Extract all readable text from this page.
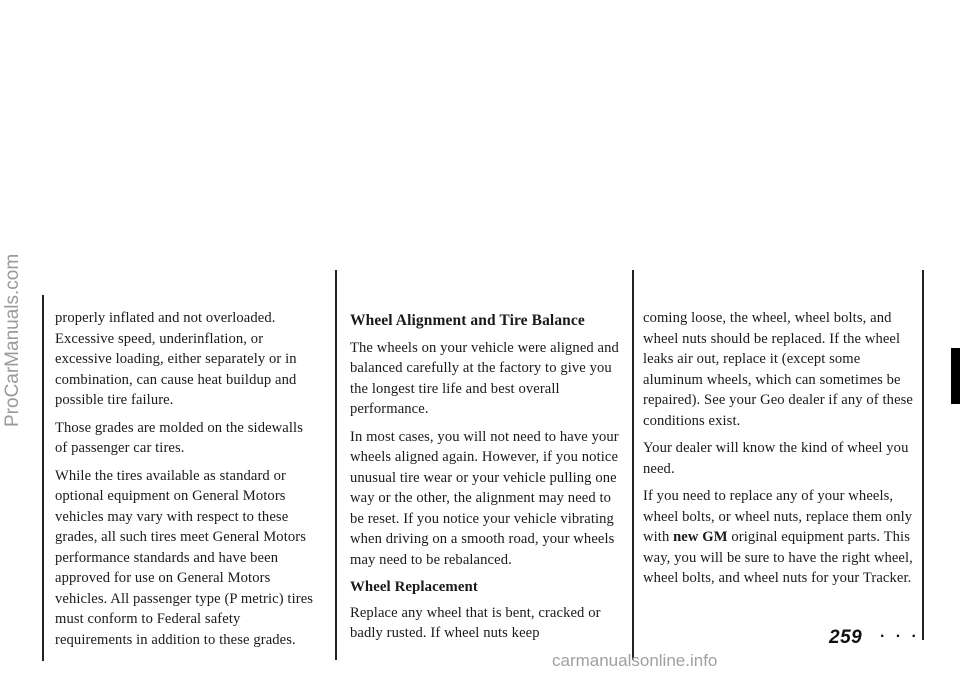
ProCarManuals.com properly inflated and not overloaded. Excessive speed, underinflation, or excessive loading, either separately or in combination, can cause heat buildup and possible tire failure.

Those grades are molded on the sidewalls of passenger car tires.

While the tires available as standard or optional equipment on General Motors vehicles may vary with respect to these grades, all such tires meet General Motors performance standards and have been approved for use on General Motors vehicles. All passenger type (P metric) tires must conform to Federal safety requirements in addition to these grades.

Wheel Alignment and Tire Balance

The wheels on your vehicle were aligned and balanced carefully at the factory to give you the longest tire life and best overall performance.

In most cases, you will not need to have your wheels aligned again. However, if you notice unusual tire wear or your vehicle pulling one way or the other, the alignment may need to be reset. If you notice your vehicle vibrating when driving on a smooth road, your wheels may need to be rebalanced.

Wheel Replacement

Replace any wheel that is bent, cracked or badly rusted. If wheel nuts keep

coming loose, the wheel, wheel bolts, and wheel nuts should be replaced. If the wheel leaks air out, replace it (except some aluminum wheels, which can sometimes be repaired). See your Geo dealer if any of these conditions exist.

Your dealer will know the kind of wheel you need.

If you need to replace any of your wheels, wheel bolts, or wheel nuts, replace them only with new GM original equipment parts. This way, you will be sure to have the right wheel, wheel bolts, and wheel nuts for your Tracker.

259 · · ·
carmanualsonline.info
